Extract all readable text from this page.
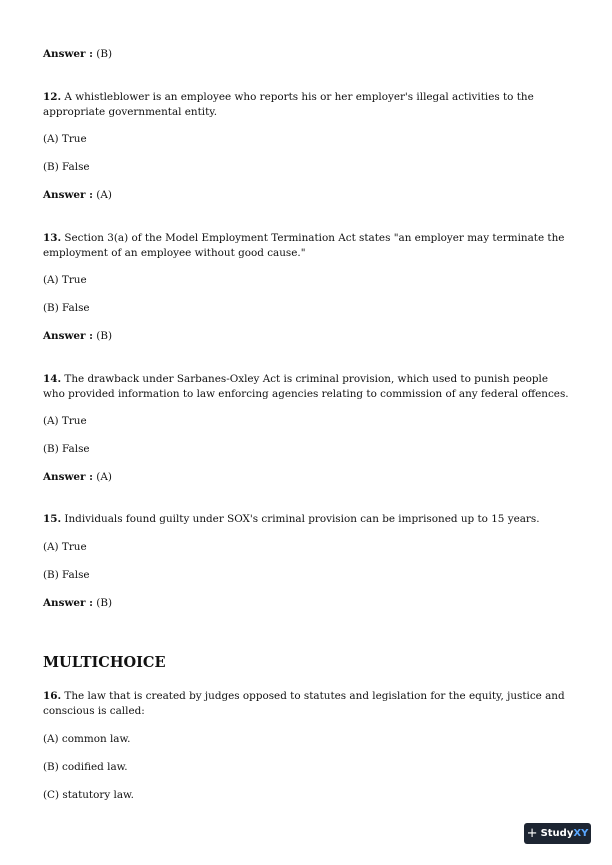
Answer : (B)

12. A whistleblower is an employee who reports his or her employer's illegal activities to the appropriate governmental entity.

(A) True

(B) False

Answer : (A)

13. Section 3(a) of the Model Employment Termination Act states "an employer may terminate the employment of an employee without good cause."

(A) True

(B) False

Answer : (B)

14. The drawback under Sarbanes-Oxley Act is criminal provision, which used to punish people who provided information to law enforcing agencies relating to commission of any federal offences.

(A) True

(B) False

Answer : (A)

15. Individuals found guilty under SOX's criminal provision can be imprisoned up to 15 years.

(A) True

(B) False

Answer : (B)

MULTICHOICE

16. The law that is created by judges opposed to statutes and legislation for the equity, justice and conscious is called:

(A) common law.

(B) codified law.

(C) statutory law.

+ StudyXY
